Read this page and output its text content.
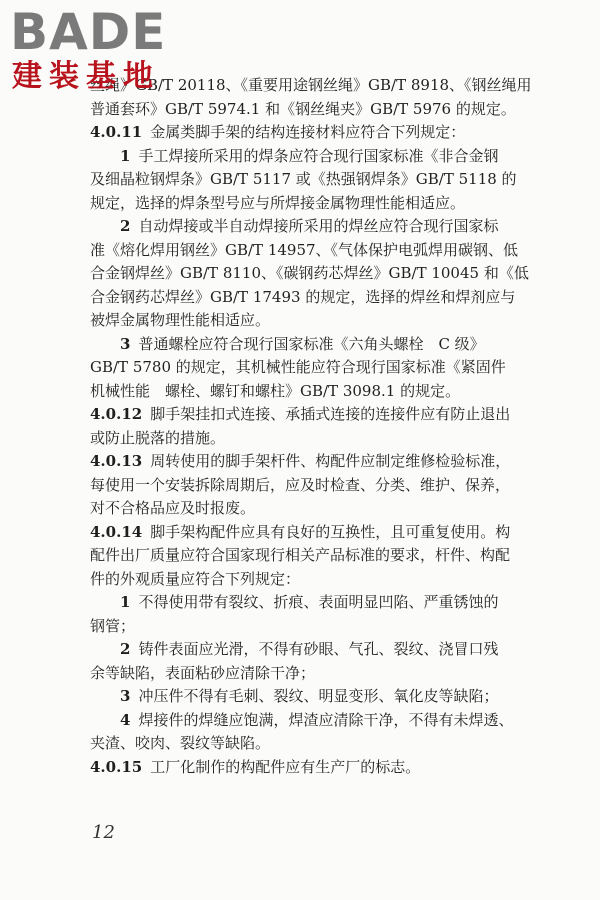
BADE
建装基地
丝绳》GB/T 20118、《重要用途钢丝绳》GB/T 8918、《钢丝绳用
普通套环》GB/T 5974.1 和《钢丝绳夹》GB/T 5976 的规定。
4.0.11 金属类脚手架的结构连接材料应符合下列规定：
1 手工焊接所采用的焊条应符合现行国家标准《非合金钢
及细晶粒钢焊条》GB/T 5117 或《热强钢焊条》GB/T 5118 的
规定，选择的焊条型号应与所焊接金属物理性能相适应。
2 自动焊接或半自动焊接所采用的焊丝应符合现行国家标
准《熔化焊用钢丝》GB/T 14957、《气体保护电弧焊用碳钢、低
合金钢焊丝》GB/T 8110、《碳钢药芯焊丝》GB/T 10045 和《低
合金钢药芯焊丝》GB/T 17493 的规定，选择的焊丝和焊剂应与
被焊金属物理性能相适应。
3 普通螺栓应符合现行国家标准《六角头螺栓　C 级》
GB/T 5780 的规定，其机械性能应符合现行国家标准《紧固件
机械性能　螺栓、螺钉和螺柱》GB/T 3098.1 的规定。
4.0.12 脚手架挂扣式连接、承插式连接的连接件应有防止退出
或防止脱落的措施。
4.0.13 周转使用的脚手架杆件、构配件应制定维修检验标准，
每使用一个安装拆除周期后，应及时检查、分类、维护、保养，
对不合格品应及时报废。
4.0.14 脚手架构配件应具有良好的互换性，且可重复使用。构
配件出厂质量应符合国家现行相关产品标准的要求，杆件、构配
件的外观质量应符合下列规定：
1 不得使用带有裂纹、折痕、表面明显凹陷、严重锈蚀的
钢管；
2 铸件表面应光滑，不得有砂眼、气孔、裂纹、浇冒口残
余等缺陷，表面粘砂应清除干净；
3 冲压件不得有毛刺、裂纹、明显变形、氧化皮等缺陷；
4 焊接件的焊缝应饱满，焊渣应清除干净，不得有未焊透、
夹渣、咬肉、裂纹等缺陷。
4.0.15 工厂化制作的构配件应有生产厂的标志。
12
